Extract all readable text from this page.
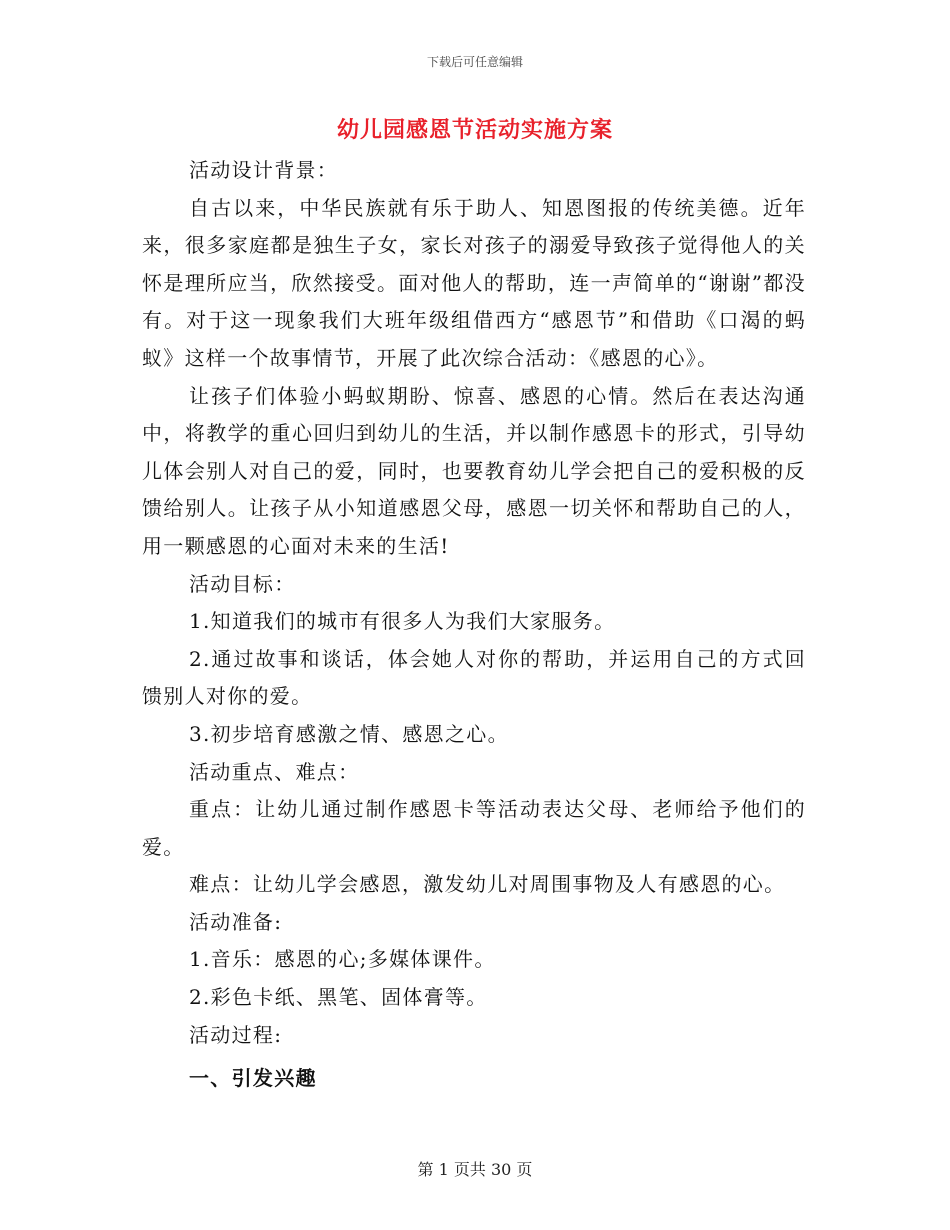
下载后可任意编辑
幼儿园感恩节活动实施方案

活动设计背景：

自古以来，中华民族就有乐于助人、知恩图报的传统美德。近年来，很多家庭都是独生子女，家长对孩子的溺爱导致孩子觉得他人的关怀是理所应当，欣然接受。面对他人的帮助，连一声简单的“谢谢”都没有。对于这一现象我们大班年级组借西方“感恩节”和借助《口渴的蚂蚁》这样一个故事情节，开展了此次综合活动：《感恩的心》。

让孩子们体验小蚂蚁期盼、惊喜、感恩的心情。然后在表达沟通中，将教学的重心回归到幼儿的生活，并以制作感恩卡的形式，引导幼儿体会别人对自己的爱，同时，也要教育幼儿学会把自己的爱积极的反馈给别人。让孩子从小知道感恩父母，感恩一切关怀和帮助自己的人，用一颗感恩的心面对未来的生活!

活动目标：

1.知道我们的城市有很多人为我们大家服务。

2.通过故事和谈话，体会她人对你的帮助，并运用自己的方式回馈别人对你的爱。

3.初步培育感激之情、感恩之心。

活动重点、难点：

重点：让幼儿通过制作感恩卡等活动表达父母、老师给予他们的爱。

难点：让幼儿学会感恩，激发幼儿对周围事物及人有感恩的心。

活动准备:

1.音乐：感恩的心;多媒体课件。

2.彩色卡纸、黑笔、固体膏等。

活动过程:

一、引发兴趣

第 1 页共 30 页
